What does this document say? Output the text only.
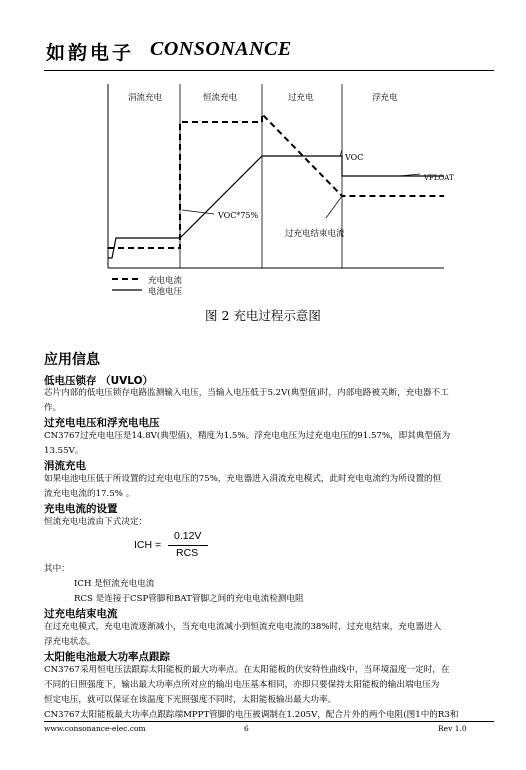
如韵电子 CONSONANCE
涓流充电	恒流充电	过充电	浮充电
VOC
VOC*75%
VFLOAT
过充电结束电流
充电电流
电池电压
图 2 充电过程示意图
应用信息
低电压锁存 （UVLO）
芯片内部的低电压锁存电路监测输入电压，当输入电压低于5.2V(典型值)时，内部电路被关断，充电器不工
作。
过充电电压和浮充电电压
CN3767过充电电压是14.8V(典型值)，精度为1.5%。浮充电电压为过充电电压的91.57%，即其典型值为
13.55V。
涓流充电
如果电池电压低于所设置的过充电电压的75%，充电器进入涓流充电模式，此时充电电流约为所设置的恒
流充电电流的17.5% 。
充电电流的设置
恒流充电电流由下式决定：
ICH =
0.12V
RCS
其中：
ICH 是恒流充电电流
RCS 是连接于CSP管脚和BAT管脚之间的充电电流检测电阻
过充电结束电流
在过充电模式，充电电流逐渐减小，当充电电流减小到恒流充电电流的38%时，过充电结束，充电器进入
浮充电状态。
太阳能电池最大功率点跟踪
CN3767采用恒电压法跟踪太阳能板的最大功率点。在太阳能板的伏安特性曲线中，当环境温度一定时，在
不同的日照强度下，输出最大功率点所对应的输出电压基本相同，亦即只要保持太阳能板的输出端电压为
恒定电压，就可以保证在该温度下光照强度不同时，太阳能板输出最大功率。
CN3767太阳能板最大功率点跟踪端MPPT管脚的电压被调制在1.205V，配合片外的两个电阻(图1中的R3和
www.consonance-elec.com	6	Rev 1.0
